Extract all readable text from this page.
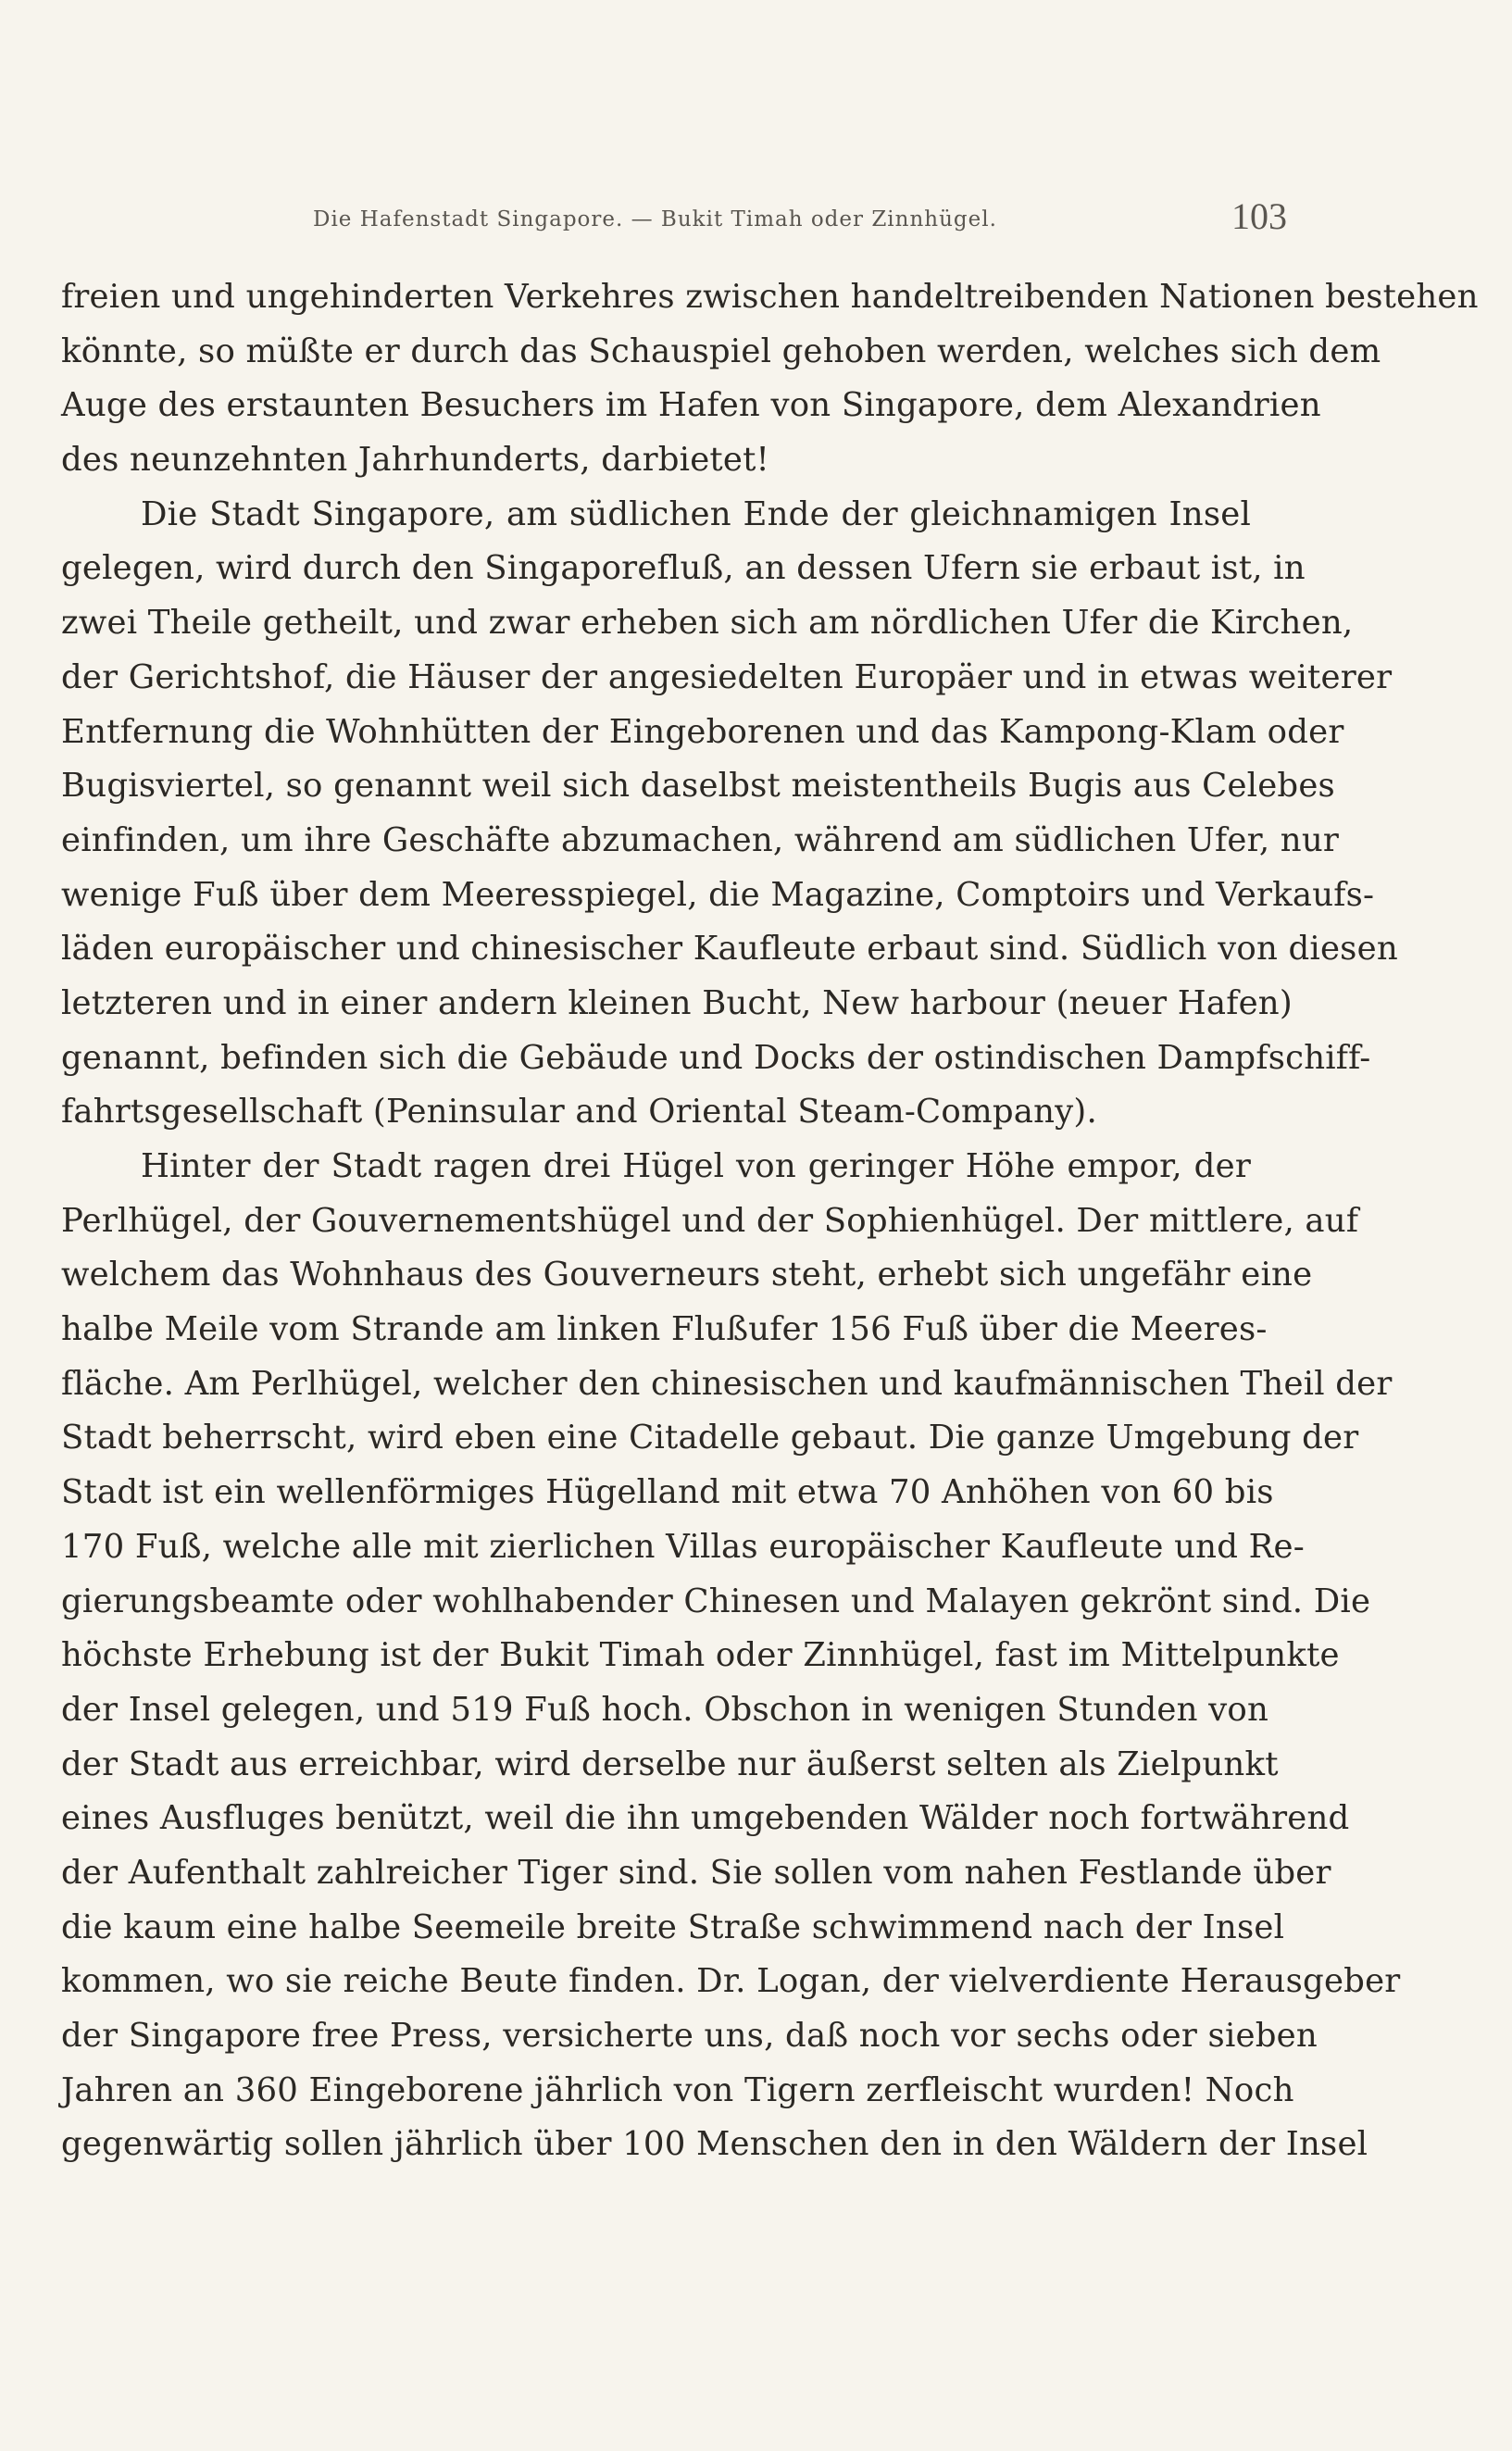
Die Hafenstadt Singapore. — Bukit Timah oder Zinnhügel.	103
freien und ungehinderten Verkehres zwischen handeltreibenden Nationen bestehen
könnte, so müßte er durch das Schauspiel gehoben werden, welches sich dem
Auge des erstaunten Besuchers im Hafen von Singapore, dem Alexandrien
des neunzehnten Jahrhunderts, darbietet!
Die Stadt Singapore, am südlichen Ende der gleichnamigen Insel
gelegen, wird durch den Singaporefluß, an dessen Ufern sie erbaut ist, in
zwei Theile getheilt, und zwar erheben sich am nördlichen Ufer die Kirchen,
der Gerichtshof, die Häuser der angesiedelten Europäer und in etwas weiterer
Entfernung die Wohnhütten der Eingeborenen und das Kampong-Klam oder
Bugisviertel, so genannt weil sich daselbst meistentheils Bugis aus Celebes
einfinden, um ihre Geschäfte abzumachen, während am südlichen Ufer, nur
wenige Fuß über dem Meeresspiegel, die Magazine, Comptoirs und Verkaufs-
läden europäischer und chinesischer Kaufleute erbaut sind. Südlich von diesen
letzteren und in einer andern kleinen Bucht, New harbour (neuer Hafen)
genannt, befinden sich die Gebäude und Docks der ostindischen Dampfschiff-
fahrtsgesellschaft (Peninsular and Oriental Steam-Company).
Hinter der Stadt ragen drei Hügel von geringer Höhe empor, der
Perlhügel, der Gouvernementshügel und der Sophienhügel. Der mittlere, auf
welchem das Wohnhaus des Gouverneurs steht, erhebt sich ungefähr eine
halbe Meile vom Strande am linken Flußufer 156 Fuß über die Meeres-
fläche. Am Perlhügel, welcher den chinesischen und kaufmännischen Theil der
Stadt beherrscht, wird eben eine Citadelle gebaut. Die ganze Umgebung der
Stadt ist ein wellenförmiges Hügelland mit etwa 70 Anhöhen von 60 bis
170 Fuß, welche alle mit zierlichen Villas europäischer Kaufleute und Re-
gierungsbeamte oder wohlhabender Chinesen und Malayen gekrönt sind. Die
höchste Erhebung ist der Bukit Timah oder Zinnhügel, fast im Mittelpunkte
der Insel gelegen, und 519 Fuß hoch. Obschon in wenigen Stunden von
der Stadt aus erreichbar, wird derselbe nur äußerst selten als Zielpunkt
eines Ausfluges benützt, weil die ihn umgebenden Wälder noch fortwährend
der Aufenthalt zahlreicher Tiger sind. Sie sollen vom nahen Festlande über
die kaum eine halbe Seemeile breite Straße schwimmend nach der Insel
kommen, wo sie reiche Beute finden. Dr. Logan, der vielverdiente Herausgeber
der Singapore free Press, versicherte uns, daß noch vor sechs oder sieben
Jahren an 360 Eingeborene jährlich von Tigern zerfleischt wurden! Noch
gegenwärtig sollen jährlich über 100 Menschen den in den Wäldern der Insel
